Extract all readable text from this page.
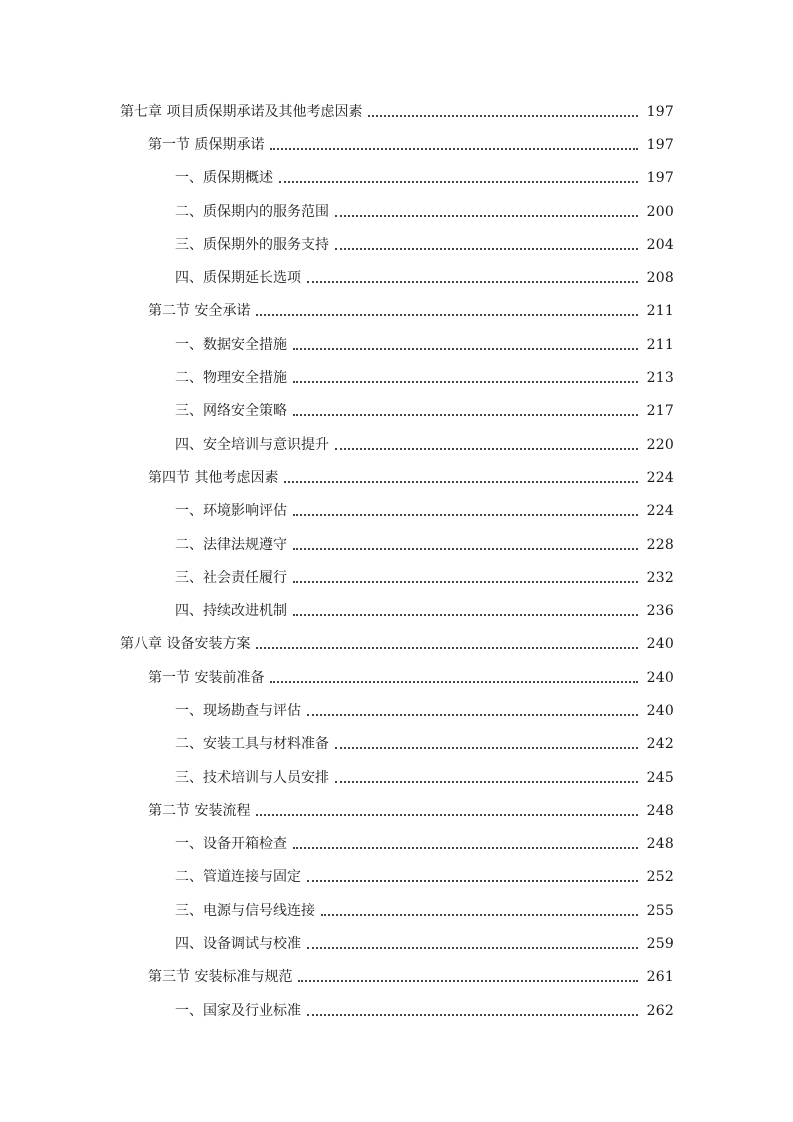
第七章 项目质保期承诺及其他考虑因素	197
第一节 质保期承诺	197
一、质保期概述	197
二、质保期内的服务范围	200
三、质保期外的服务支持	204
四、质保期延长选项	208
第二节 安全承诺	211
一、数据安全措施	211
二、物理安全措施	213
三、网络安全策略	217
四、安全培训与意识提升	220
第四节 其他考虑因素	224
一、环境影响评估	224
二、法律法规遵守	228
三、社会责任履行	232
四、持续改进机制	236
第八章 设备安装方案	240
第一节 安装前准备	240
一、现场勘查与评估	240
二、安装工具与材料准备	242
三、技术培训与人员安排	245
第二节 安装流程	248
一、设备开箱检查	248
二、管道连接与固定	252
三、电源与信号线连接	255
四、设备调试与校准	259
第三节 安装标准与规范	261
一、国家及行业标准	262
